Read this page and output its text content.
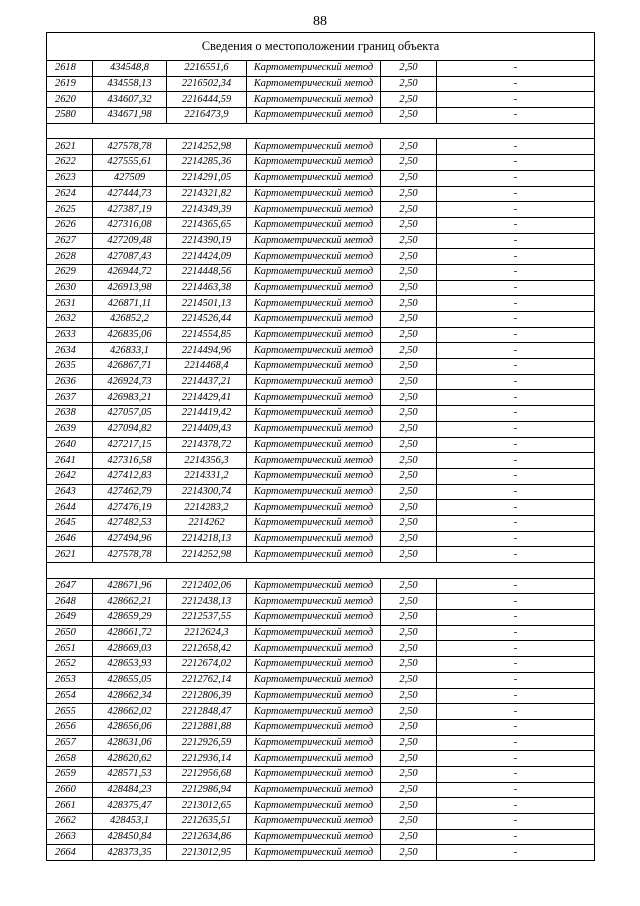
88
Сведения о местоположении границ объекта					
2618	434548,8	2216551,6	Картометрический метод	2,50	-
2619	434558,13	2216502,34	Картометрический метод	2,50	-
2620	434607,32	2216444,59	Картометрический метод	2,50	-
2580	434671,98	2216473,9	Картометрический метод	2,50	-

2621	427578,78	2214252,98	Картометрический метод	2,50	-
2622	427555,61	2214285,36	Картометрический метод	2,50	-
2623	427509	2214291,05	Картометрический метод	2,50	-
2624	427444,73	2214321,82	Картометрический метод	2,50	-
2625	427387,19	2214349,39	Картометрический метод	2,50	-
2626	427316,08	2214365,65	Картометрический метод	2,50	-
2627	427209,48	2214390,19	Картометрический метод	2,50	-
2628	427087,43	2214424,09	Картометрический метод	2,50	-
2629	426944,72	2214448,56	Картометрический метод	2,50	-
2630	426913,98	2214463,38	Картометрический метод	2,50	-
2631	426871,11	2214501,13	Картометрический метод	2,50	-
2632	426852,2	2214526,44	Картометрический метод	2,50	-
2633	426835,06	2214554,85	Картометрический метод	2,50	-
2634	426833,1	2214494,96	Картометрический метод	2,50	-
2635	426867,71	2214468,4	Картометрический метод	2,50	-
2636	426924,73	2214437,21	Картометрический метод	2,50	-
2637	426983,21	2214429,41	Картометрический метод	2,50	-
2638	427057,05	2214419,42	Картометрический метод	2,50	-
2639	427094,82	2214409,43	Картометрический метод	2,50	-
2640	427217,15	2214378,72	Картометрический метод	2,50	-
2641	427316,58	2214356,3	Картометрический метод	2,50	-
2642	427412,83	2214331,2	Картометрический метод	2,50	-
2643	427462,79	2214300,74	Картометрический метод	2,50	-
2644	427476,19	2214283,2	Картометрический метод	2,50	-
2645	427482,53	2214262	Картометрический метод	2,50	-
2646	427494,96	2214218,13	Картометрический метод	2,50	-
2621	427578,78	2214252,98	Картометрический метод	2,50	-

2647	428671,96	2212402,06	Картометрический метод	2,50	-
2648	428662,21	2212438,13	Картометрический метод	2,50	-
2649	428659,29	2212537,55	Картометрический метод	2,50	-
2650	428661,72	2212624,3	Картометрический метод	2,50	-
2651	428669,03	2212658,42	Картометрический метод	2,50	-
2652	428653,93	2212674,02	Картометрический метод	2,50	-
2653	428655,05	2212762,14	Картометрический метод	2,50	-
2654	428662,34	2212806,39	Картометрический метод	2,50	-
2655	428662,02	2212848,47	Картометрический метод	2,50	-
2656	428656,06	2212881,88	Картометрический метод	2,50	-
2657	428631,06	2212926,59	Картометрический метод	2,50	-
2658	428620,62	2212936,14	Картометрический метод	2,50	-
2659	428571,53	2212956,68	Картометрический метод	2,50	-
2660	428484,23	2212986,94	Картометрический метод	2,50	-
2661	428375,47	2213012,65	Картометрический метод	2,50	-
2662	428453,1	2212635,51	Картометрический метод	2,50	-
2663	428450,84	2212634,86	Картометрический метод	2,50	-
2664	428373,35	2213012,95	Картометрический метод	2,50	-
